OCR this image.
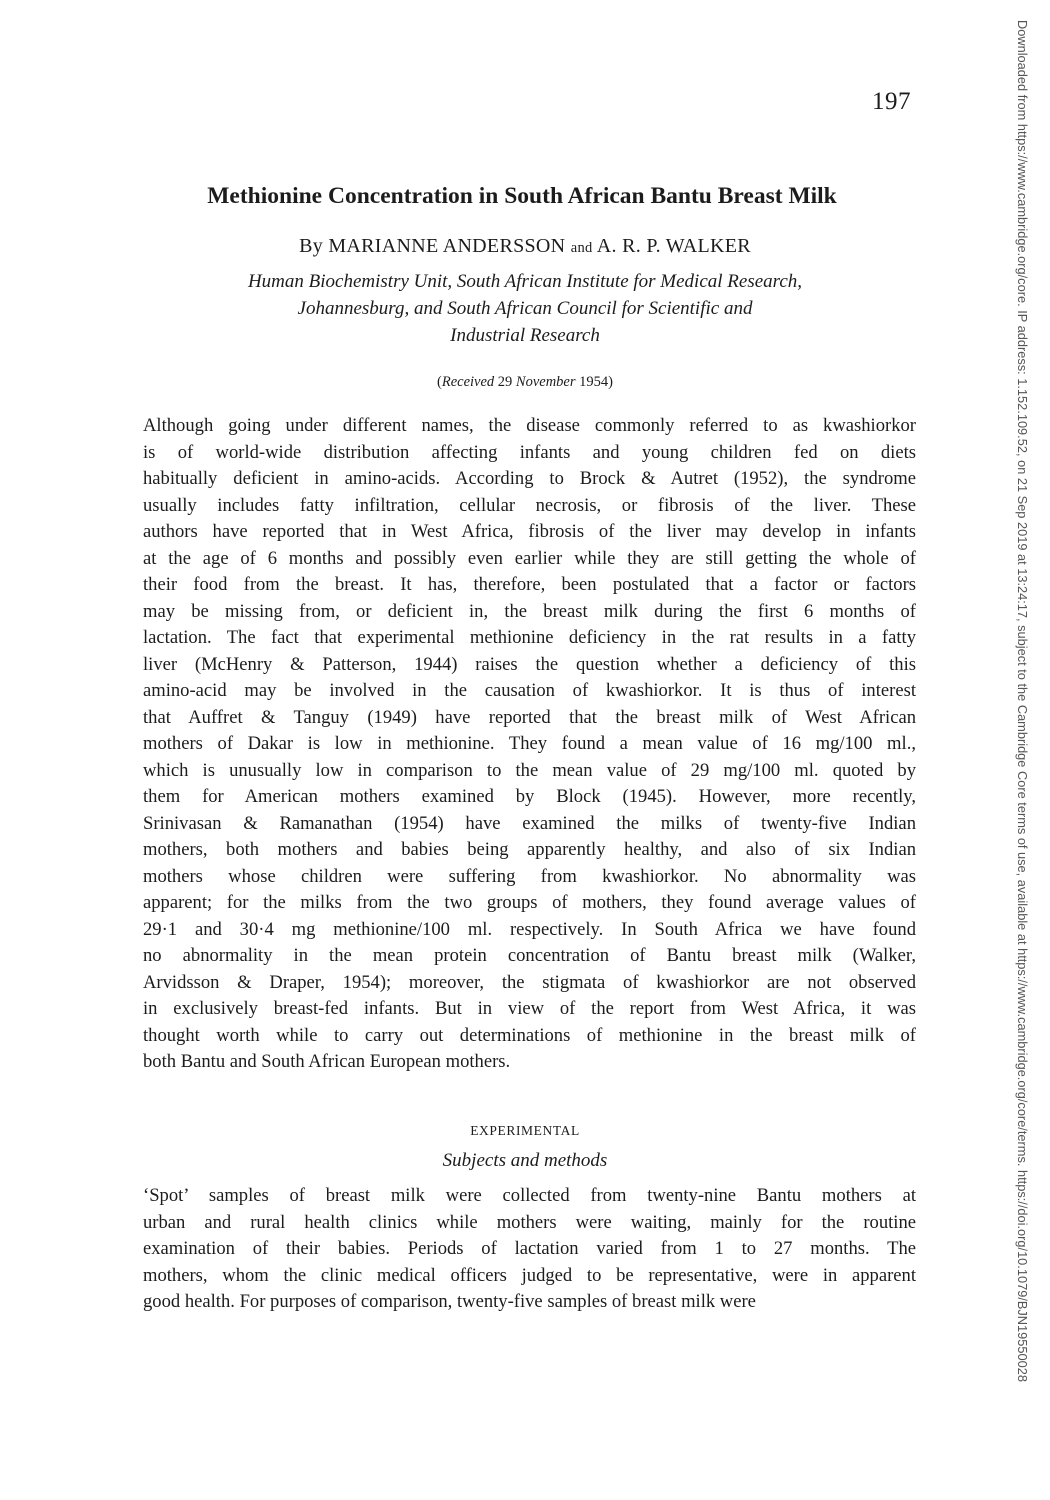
197
Methionine Concentration in South African Bantu Breast Milk
By MARIANNE ANDERSSON and A. R. P. WALKER
Human Biochemistry Unit, South African Institute for Medical Research,
Johannesburg, and South African Council for Scientific and
Industrial Research
(Received 29 November 1954)
Although going under different names, the disease commonly referred to as kwashiorkor
is of world-wide distribution affecting infants and young children fed on diets
habitually deficient in amino-acids. According to Brock & Autret (1952), the syndrome
usually includes fatty infiltration, cellular necrosis, or fibrosis of the liver. These
authors have reported that in West Africa, fibrosis of the liver may develop in infants
at the age of 6 months and possibly even earlier while they are still getting the whole of
their food from the breast. It has, therefore, been postulated that a factor or factors
may be missing from, or deficient in, the breast milk during the first 6 months of
lactation. The fact that experimental methionine deficiency in the rat results in a fatty
liver (McHenry & Patterson, 1944) raises the question whether a deficiency of this
amino-acid may be involved in the causation of kwashiorkor. It is thus of interest
that Auffret & Tanguy (1949) have reported that the breast milk of West African
mothers of Dakar is low in methionine. They found a mean value of 16 mg/100 ml.,
which is unusually low in comparison to the mean value of 29 mg/100 ml. quoted by
them for American mothers examined by Block (1945). However, more recently,
Srinivasan & Ramanathan (1954) have examined the milks of twenty-five Indian
mothers, both mothers and babies being apparently healthy, and also of six Indian
mothers whose children were suffering from kwashiorkor. No abnormality was
apparent; for the milks from the two groups of mothers, they found average values of
29·1 and 30·4 mg methionine/100 ml. respectively. In South Africa we have found
no abnormality in the mean protein concentration of Bantu breast milk (Walker,
Arvidsson & Draper, 1954); moreover, the stigmata of kwashiorkor are not observed
in exclusively breast-fed infants. But in view of the report from West Africa, it was
thought worth while to carry out determinations of methionine in the breast milk of
both Bantu and South African European mothers.
EXPERIMENTAL
Subjects and methods
‘Spot’ samples of breast milk were collected from twenty-nine Bantu mothers at
urban and rural health clinics while mothers were waiting, mainly for the routine
examination of their babies. Periods of lactation varied from 1 to 27 months. The
mothers, whom the clinic medical officers judged to be representative, were in apparent
good health. For purposes of comparison, twenty-five samples of breast milk were	Downloaded from https://www.cambridge.org/core. IP address: 1.152.109.52, on 21 Sep 2019 at 13:24:17, subject to the Cambridge Core terms of use, available at https://www.cambridge.org/core/terms. https://doi.org/10.1079/BJN19550028
